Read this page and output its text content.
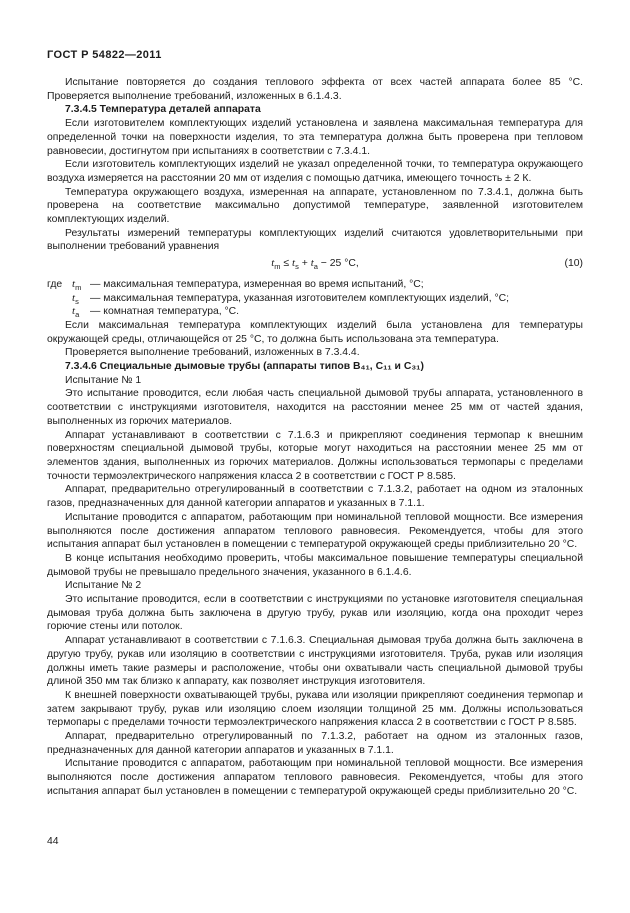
ГОСТ Р 54822—2011

Испытание повторяется до создания теплового эффекта от всех частей аппарата более 85 °С. Проверяется выполнение требований, изложенных в 6.1.4.3.

7.3.4.5 Температура деталей аппарата

Если изготовителем комплектующих изделий установлена и заявлена максимальная температура для определенной точки на поверхности изделия, то эта температура должна быть проверена при тепловом равновесии, достигнутом при испытаниях в соответствии с 7.3.4.1.

Если изготовитель комплектующих изделий не указал определенной точки, то температура окружающего воздуха измеряется на расстоянии 20 мм от изделия с помощью датчика, имеющего точность ± 2 К.

Температура окружающего воздуха, измеренная на аппарате, установленном по 7.3.4.1, должна быть проверена на соответствие максимально допустимой температуре, заявленной изготовителем комплектующих изделий.

Результаты измерений температуры комплектующих изделий считаются удовлетворительными при выполнении требований уравнения

$t_m \le t_s + t_a - 25$ °С,	(10)
где $t_m$ — максимальная температура, измеренная во время испытаний, °С;
$t_s$	— максимальная температура, указанная изготовителем комплектующих изделий, °С;
$t_a$	— комнатная температура, °С.

Если максимальная температура комплектующих изделий была установлена для температуры окружающей среды, отличающейся от 25 °С, то должна быть использована эта температура.

Проверяется выполнение требований, изложенных в 7.3.4.4.

7.3.4.6 Специальные дымовые трубы (аппараты типов B₄₁, C₁₁ и C₃₁)

Испытание № 1

Это испытание проводится, если любая часть специальной дымовой трубы аппарата, установленного в соответствии с инструкциями изготовителя, находится на расстоянии менее 25 мм от частей здания, выполненных из горючих материалов.

Аппарат устанавливают в соответствии с 7.1.6.3 и прикрепляют соединения термопар к внешним поверхностям специальной дымовой трубы, которые могут находиться на расстоянии менее 25 мм от элементов здания, выполненных из горючих материалов. Должны использоваться термопары с пределами точности термоэлектрического напряжения класса 2 в соответствии с ГОСТ Р 8.585.

Аппарат, предварительно отрегулированный в соответствии с 7.1.3.2, работает на одном из эталонных газов, предназначенных для данной категории аппаратов и указанных в 7.1.1.

Испытание проводится с аппаратом, работающим при номинальной тепловой мощности. Все измерения выполняются после достижения аппаратом теплового равновесия. Рекомендуется, чтобы для этого испытания аппарат был установлен в помещении с температурой окружающей среды приблизительно 20 °С.

В конце испытания необходимо проверить, чтобы максимальное повышение температуры специальной дымовой трубы не превышало предельного значения, указанного в 6.1.4.6.

Испытание № 2

Это испытание проводится, если в соответствии с инструкциями по установке изготовителя специальная дымовая труба должна быть заключена в другую трубу, рукав или изоляцию, когда она проходит через горючие стены или потолок.

Аппарат устанавливают в соответствии с 7.1.6.3. Специальная дымовая труба должна быть заключена в другую трубу, рукав или изоляцию в соответствии с инструкциями изготовителя. Труба, рукав или изоляция должны иметь такие размеры и расположение, чтобы они охватывали часть специальной дымовой трубы длиной 350 мм так близко к аппарату, как позволяет инструкция изготовителя.

К внешней поверхности охватывающей трубы, рукава или изоляции прикрепляют соединения термопар и затем закрывают трубу, рукав или изоляцию слоем изоляции толщиной 25 мм. Должны использоваться термопары с пределами точности термоэлектрического напряжения класса 2 в соответствии с ГОСТ Р 8.585.

Аппарат, предварительно отрегулированный по 7.1.3.2, работает на одном из эталонных газов, предназначенных для данной категории аппаратов и указанных в 7.1.1.

Испытание проводится с аппаратом, работающим при номинальной тепловой мощности. Все измерения выполняются после достижения аппаратом теплового равновесия. Рекомендуется, чтобы для этого испытания аппарат был установлен в помещении с температурой окружающей среды приблизительно 20 °С.

44
